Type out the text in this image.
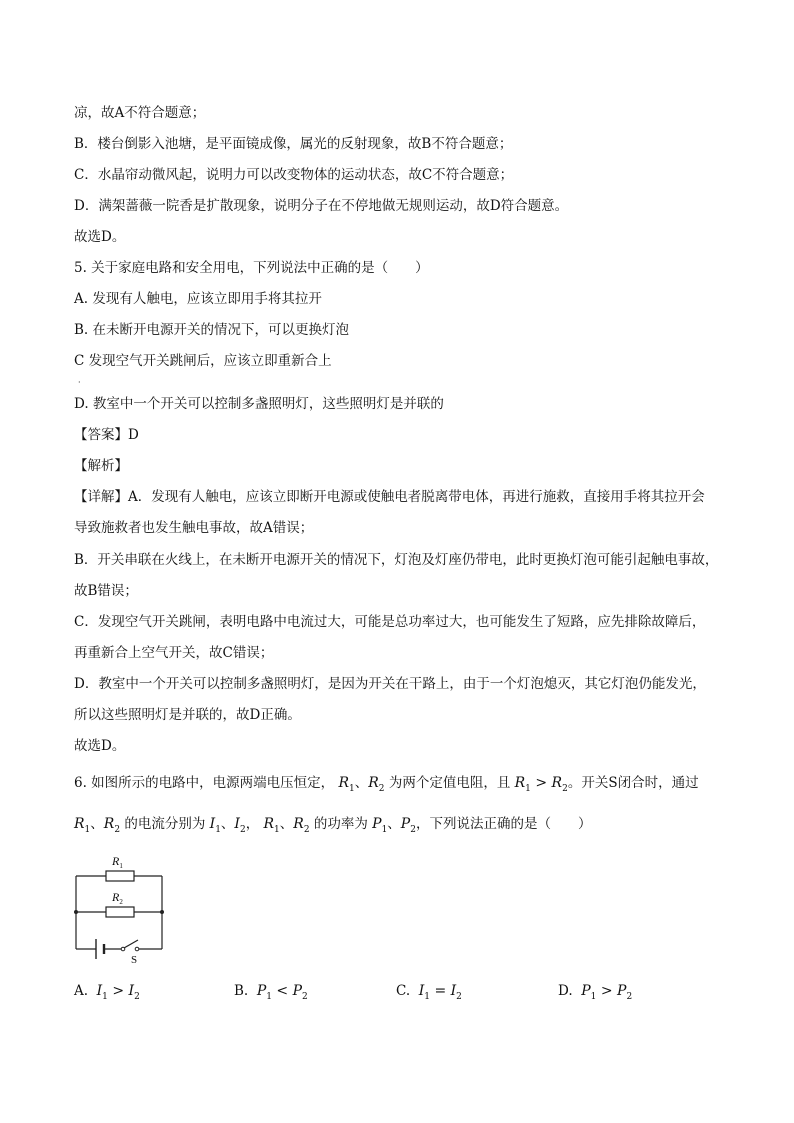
凉，故A不符合题意；
B．楼台倒影入池塘，是平面镜成像，属光的反射现象，故B不符合题意；
C．水晶帘动微风起，说明力可以改变物体的运动状态，故C不符合题意；
D．满架蔷薇一院香是扩散现象，说明分子在不停地做无规则运动，故D符合题意。
故选D。
5. 关于家庭电路和安全用电，下列说法中正确的是（　　）
A. 发现有人触电，应该立即用手将其拉开
B. 在未断开电源开关的情况下，可以更换灯泡
C 发现空气开关跳闸后，应该立即重新合上
·
D. 教室中一个开关可以控制多盏照明灯，这些照明灯是并联的
【答案】D
【解析】
【详解】A．发现有人触电，应该立即断开电源或使触电者脱离带电体，再进行施救，直接用手将其拉开会
导致施救者也发生触电事故，故A错误；
B．开关串联在火线上，在未断开电源开关的情况下，灯泡及灯座仍带电，此时更换灯泡可能引起触电事故，
故B错误；
C．发现空气开关跳闸，表明电路中电流过大，可能是总功率过大，也可能发生了短路，应先排除故障后，
再重新合上空气开关，故C错误；
D．教室中一个开关可以控制多盏照明灯，是因为开关在干路上，由于一个灯泡熄灭，其它灯泡仍能发光，
所以这些照明灯是并联的，故D正确。
故选D。
6. 如图所示的电路中，电源两端电压恒定， $R_1$、$R_2$ 为两个定值电阻，且 $R_1 > R_2$。开关S闭合时，通过
$R_1$、$R_2$ 的电流分别为 $I_1$、$I_2$， $R_1$、$R_2$ 的功率为 $P_1$、$P_2$，下列说法正确的是（　　）
$R_1$
$R_2$
S
A. $I_1 > I_2$	B. $P_1 < P_2$	C. $I_1 = I_2$	D. $P_1 > P_2$
